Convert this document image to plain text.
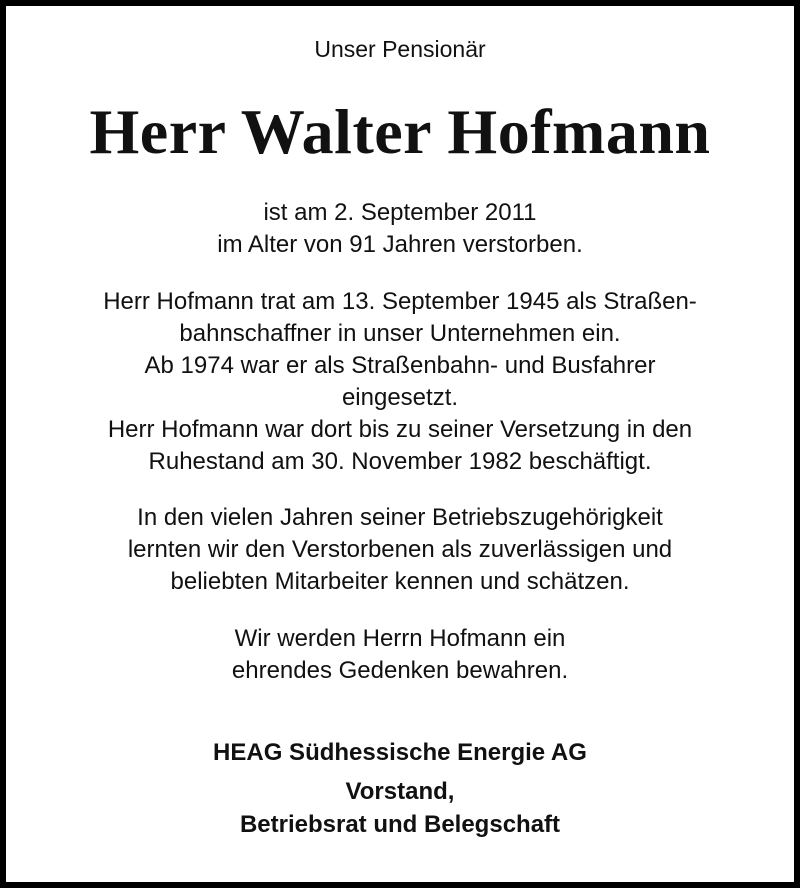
Unser Pensionär
Herr Walter Hofmann
ist am 2. September 2011
im Alter von 91 Jahren verstorben.
Herr Hofmann trat am 13. September 1945 als Straßen-
bahnschaffner in unser Unternehmen ein.
Ab 1974 war er als Straßenbahn- und Busfahrer
eingesetzt.
Herr Hofmann war dort bis zu seiner Versetzung in den
Ruhestand am 30. November 1982 beschäftigt.
In den vielen Jahren seiner Betriebszugehörigkeit
lernten wir den Verstorbenen als zuverlässigen und
beliebten Mitarbeiter kennen und schätzen.
Wir werden Herrn Hofmann ein
ehrendes Gedenken bewahren.
HEAG Südhessische Energie AG
Vorstand,
Betriebsrat und Belegschaft
